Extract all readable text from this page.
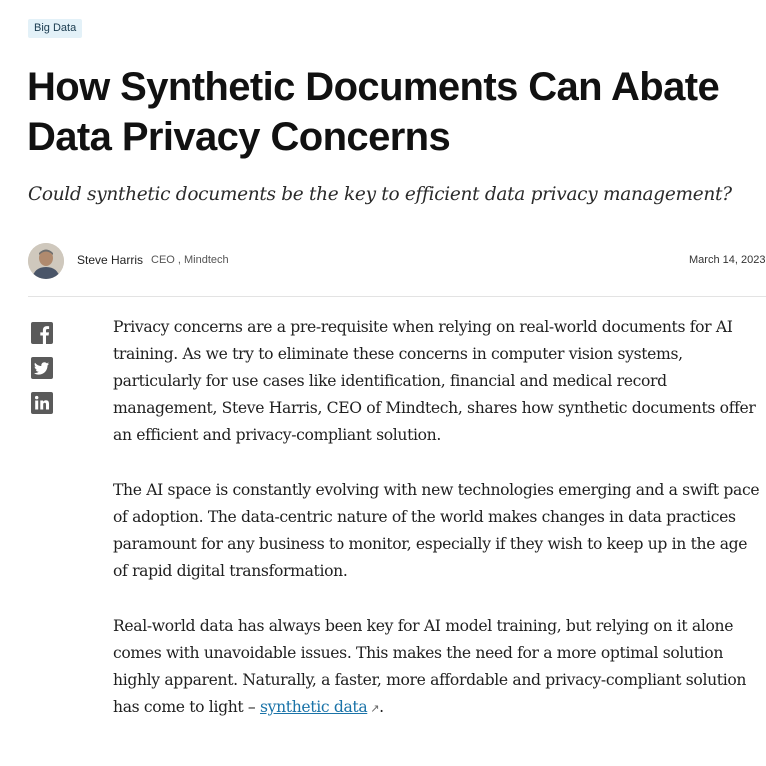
Big Data
How Synthetic Documents Can Abate Data Privacy Concerns

Could synthetic documents be the key to efficient data privacy management?

Steve Harris CEO , Mindtech	March 14, 2023

Privacy concerns are a pre-requisite when relying on real-world documents for AI training. As we try to eliminate these concerns in computer vision systems, particularly for use cases like identification, financial and medical record management, Steve Harris, CEO of Mindtech, shares how synthetic documents offer an efficient and privacy-compliant solution.

The AI space is constantly evolving with new technologies emerging and a swift pace of adoption. The data-centric nature of the world makes changes in data practices paramount for any business to monitor, especially if they wish to keep up in the age of rapid digital transformation.

Real-world data has always been key for AI model training, but relying on it alone comes with unavoidable issues. This makes the need for a more optimal solution highly apparent. Naturally, a faster, more affordable and privacy-compliant solution has come to light – synthetic data ↗.
